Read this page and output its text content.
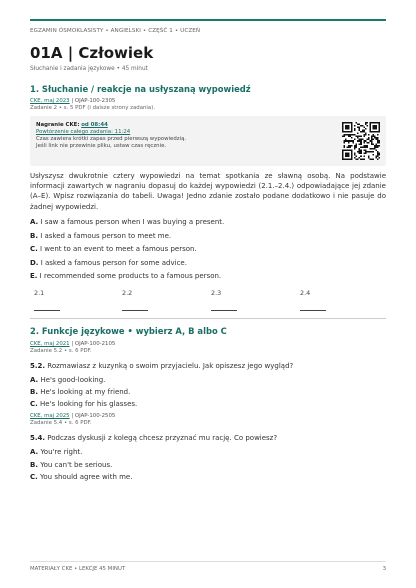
EGZAMIN ÓSMOKLASISTY • ANGIELSKI • CZĘŚĆ 1 • UCZEŃ
01A | Człowiek
Słuchanie i zadania językowe • 45 minut
1. Słuchanie / reakcje na usłyszaną wypowiedź
CKE, maj 2023 | OJAP-100-2305
Zadanie 2 • s. 5 PDF (i dalsze strony zadania).
Nagranie CKE: od 08:44
Powtórzenie całego zadania: 11:24
Czas zawiera krótki zapas przed pierwszą wypowiedzią.
Jeśli link nie przewinie pliku, ustaw czas ręcznie.
Usłyszysz dwukrotnie cztery wypowiedzi na temat spotkania ze sławną osobą. Na podstawie informacji zawartych w nagraniu dopasuj do każdej wypowiedzi (2.1.–2.4.) odpowiadające jej zdanie (A–E). Wpisz rozwiązania do tabeli. Uwaga! Jedno zdanie zostało podane dodatkowo i nie pasuje do żadnej wypowiedzi.
A. I saw a famous person when I was buying a present.
B. I asked a famous person to meet me.
C. I went to an event to meet a famous person.
D. I asked a famous person for some advice.
E. I recommended some products to a famous person.
2.1	2.2	2.3	2.4
2. Funkcje językowe • wybierz A, B albo C
CKE, maj 2021 | OJAP-100-2105
Zadanie 5.2 • s. 6 PDF.
5.2. Rozmawiasz z kuzynką o swoim przyjacielu. Jak opiszesz jego wygląd?
A. He's good-looking.
B. He's looking at my friend.
C. He's looking for his glasses.
CKE, maj 2025 | OJAP-100-2505
Zadanie 5.4 • s. 6 PDF.
5.4. Podczas dyskusji z kolegą chcesz przyznać mu rację. Co powiesz?
A. You're right.
B. You can't be serious.
C. You should agree with me.
MATERIAŁY CKE • LEKCJE 45 MINUT	3
